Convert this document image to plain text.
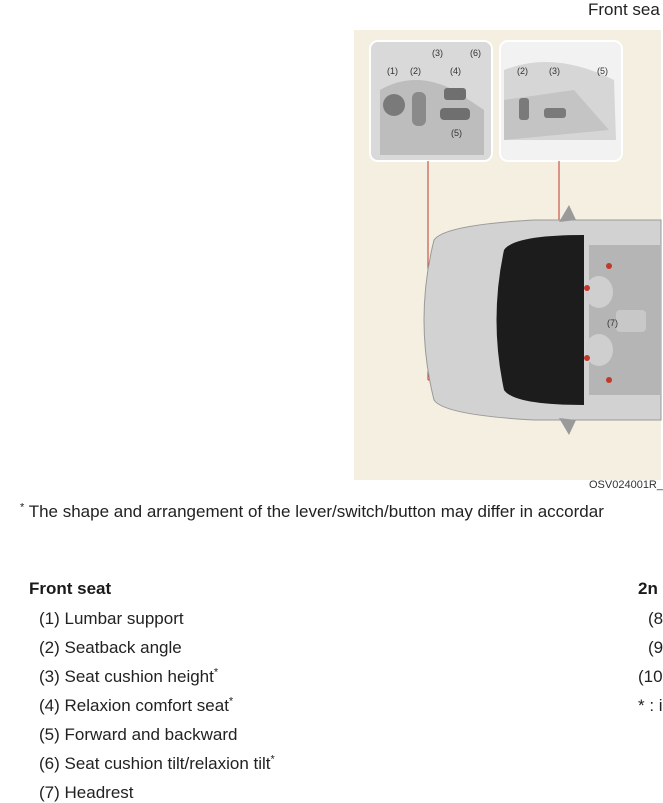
Front sea
(1) (2)
(3)
(4)
(6)
(5)
(2) (3)	(5)
(7)
OSV024001R_
* The shape and arrangement of the lever/switch/button may differ in accordar
Front seat	2n
(1) Lumbar support
(2) Seatback angle
(3) Seat cushion height*
(4) Relaxion comfort seat*
(5) Forward and backward
(6) Seat cushion tilt/relaxion tilt*
(7) Headrest
(8
(9
(10
* : i
